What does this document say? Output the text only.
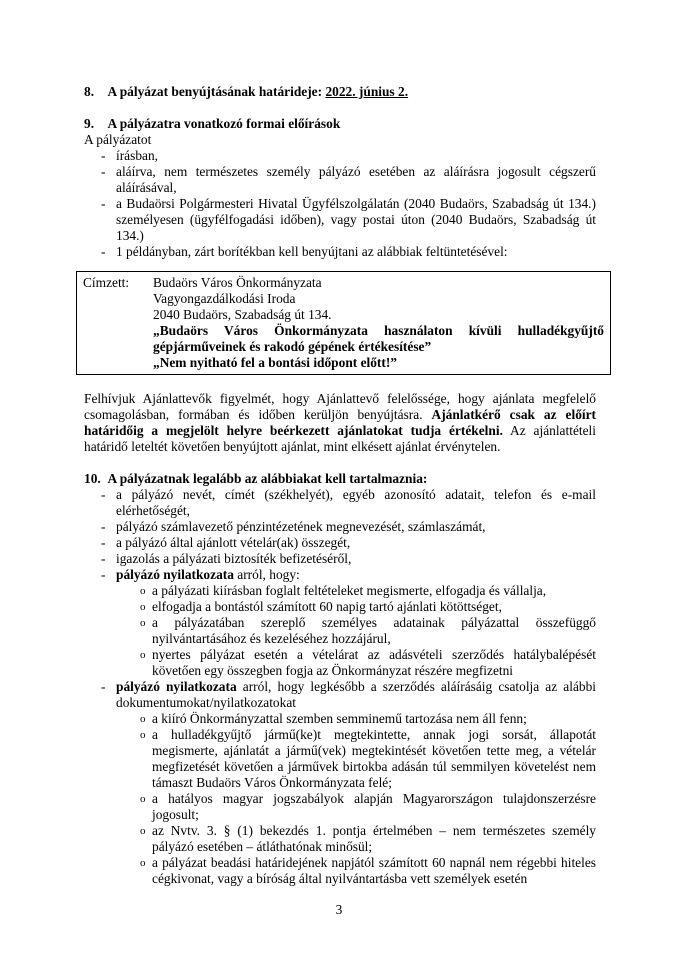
8. A pályázat benyújtásának határideje: 2022. június 2.

9. A pályázatra vonatkozó formai előírások

A pályázatot

- írásban,
- aláírva, nem természetes személy pályázó esetében az aláírásra jogosult cégszerű aláírásával,
- a Budaörsi Polgármesteri Hivatal Ügyfélszolgálatán (2040 Budaörs, Szabadság út 134.) személyesen (ügyfélfogadási időben), vagy postai úton (2040 Budaörs, Szabadság út 134.)
- 1 példányban, zárt borítékban kell benyújtani az alábbiak feltüntetésével:
Címzett:	Budaörs Város Önkormányzata

Vagyongazdálkodási Iroda

2040 Budaörs, Szabadság út 134.

„Budaörs Város Önkormányzata használaton kívüli hulladékgyűjtő gépjárműveinek és rakodó gépének értékesítése”

„Nem nyitható fel a bontási időpont előtt!”

Felhívjuk Ajánlattevők figyelmét, hogy Ajánlattevő felelőssége, hogy ajánlata megfelelő csomagolásban, formában és időben kerüljön benyújtásra. Ajánlatkérő csak az előírt határidőig a megjelölt helyre beérkezett ajánlatokat tudja értékelni. Az ajánlattételi határidő leteltét követően benyújtott ajánlat, mint elkésett ajánlat érvénytelen.

10. A pályázatnak legalább az alábbiakat kell tartalmaznia:

- a pályázó nevét, címét (székhelyét), egyéb azonosító adatait, telefon és e-mail elérhetőségét,
- pályázó számlavezető pénzintézetének megnevezését, számlaszámát,
- a pályázó által ajánlott vételár(ak) összegét,
- igazolás a pályázati biztosíték befizetéséről,
- pályázó nyilatkozata arról, hogy:
o a pályázati kiírásban foglalt feltételeket megismerte, elfogadja és vállalja,
o elfogadja a bontástól számított 60 napig tartó ajánlati kötöttséget,
o a pályázatában szereplő személyes adatainak pályázattal összefüggő nyilvántartásához és kezeléséhez hozzájárul,
o nyertes pályázat esetén a vételárat az adásvételi szerződés hatálybalépését követően egy összegben fogja az Önkormányzat részére megfizetni
- pályázó nyilatkozata arról, hogy legkésőbb a szerződés aláírásáig csatolja az alábbi dokumentumokat/nyilatkozatokat
o a kiíró Önkormányzattal szemben semminemű tartozása nem áll fenn;
o a hulladékgyűjtő jármű(ke)t megtekintette, annak jogi sorsát, állapotát megismerte, ajánlatát a jármű(vek) megtekintését követően tette meg, a vételár megfizetését követően a járművek birtokba adásán túl semmilyen követelést nem támaszt Budaörs Város Önkormányzata felé;
o a hatályos magyar jogszabályok alapján Magyarországon tulajdonszerzésre jogosult;
o az Nvtv. 3. § (1) bekezdés 1. pontja értelmében – nem természetes személy pályázó esetében – átláthatónak minősül;
o a pályázat beadási határidejének napjától számított 60 napnál nem régebbi hiteles cégkivonat, vagy a bíróság által nyilvántartásba vett személyek esetén
3
